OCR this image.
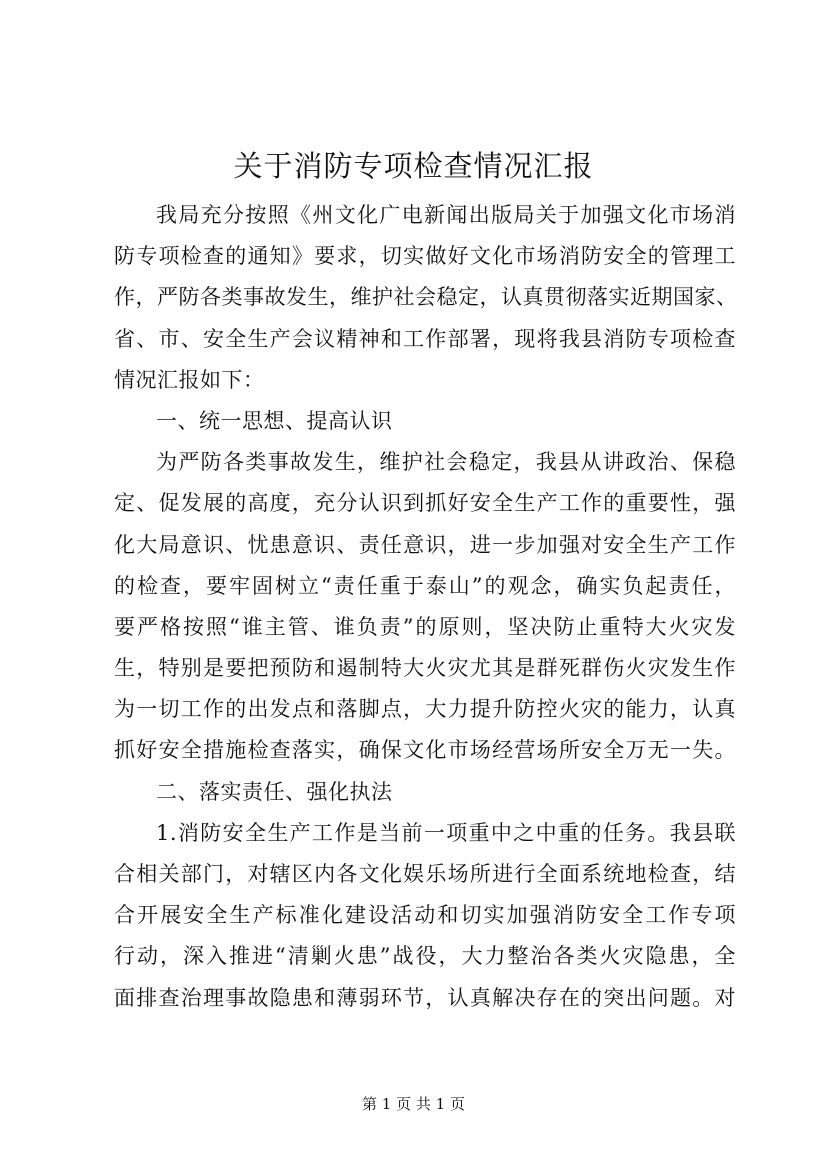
关于消防专项检查情况汇报
我局充分按照《州文化广电新闻出版局关于加强文化市场消
防专项检查的通知》要求，切实做好文化市场消防安全的管理工
作，严防各类事故发生，维护社会稳定，认真贯彻落实近期国家、
省、市、安全生产会议精神和工作部署，现将我县消防专项检查
情况汇报如下：
一、统一思想、提高认识
为严防各类事故发生，维护社会稳定，我县从讲政治、保稳
定、促发展的高度，充分认识到抓好安全生产工作的重要性，强
化大局意识、忧患意识、责任意识，进一步加强对安全生产工作
的检查，要牢固树立“责任重于泰山”的观念，确实负起责任，
要严格按照“谁主管、谁负责”的原则，坚决防止重特大火灾发
生，特别是要把预防和遏制特大火灾尤其是群死群伤火灾发生作
为一切工作的出发点和落脚点，大力提升防控火灾的能力，认真
抓好安全措施检查落实，确保文化市场经营场所安全万无一失。
二、落实责任、强化执法
1.消防安全生产工作是当前一项重中之中重的任务。我县联
合相关部门，对辖区内各文化娱乐场所进行全面系统地检查，结
合开展安全生产标准化建设活动和切实加强消防安全工作专项
行动，深入推进“清剿火患”战役，大力整治各类火灾隐患，全
面排查治理事故隐患和薄弱环节，认真解决存在的突出问题。对
第 1 页 共 1 页
